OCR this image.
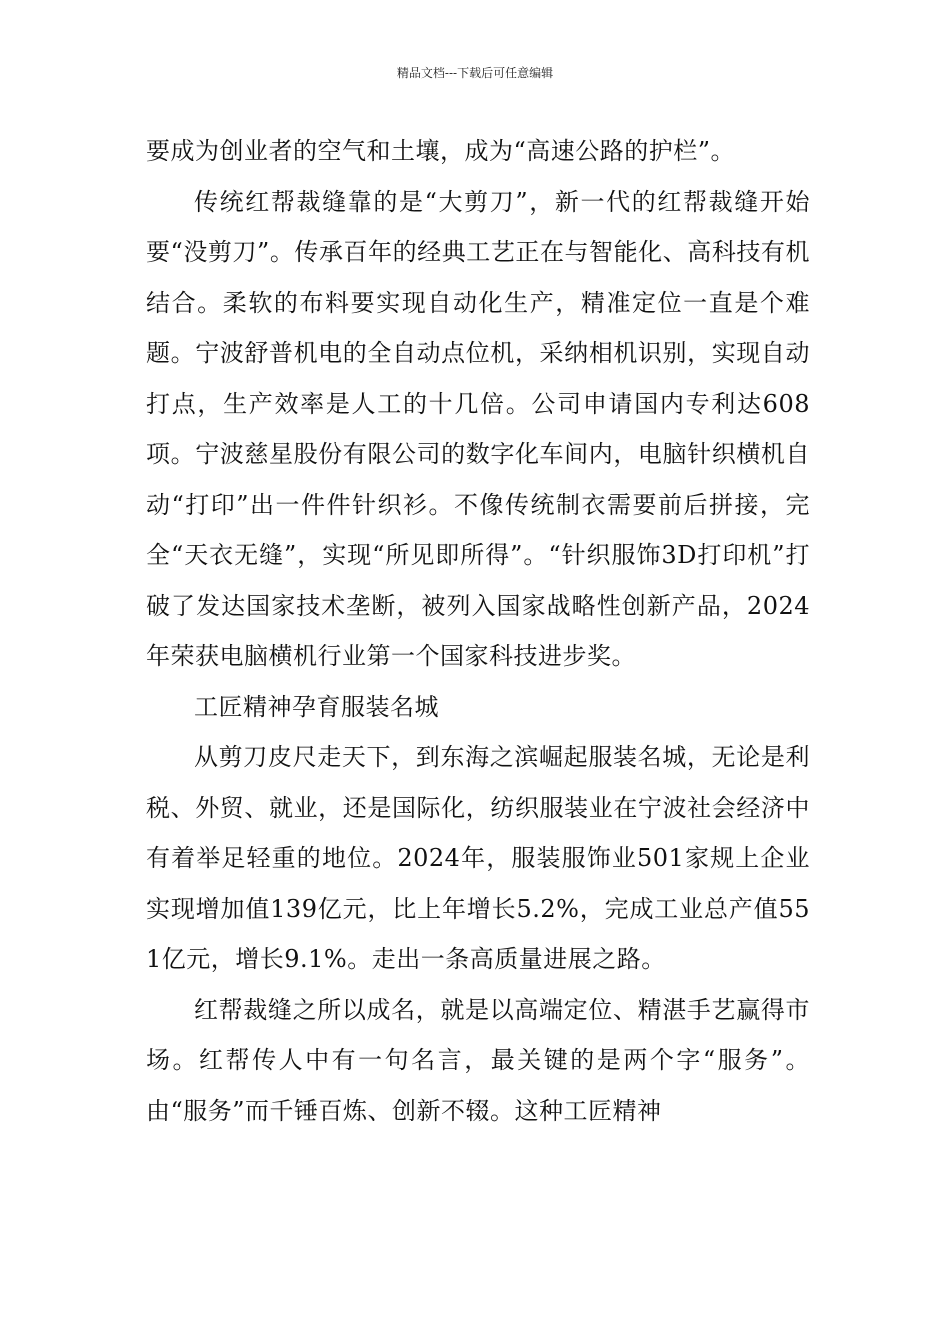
精品文档---下载后可任意编辑

要成为创业者的空气和土壤，成为“高速公路的护栏”。

传统红帮裁缝靠的是“大剪刀”，新一代的红帮裁缝开始要“没剪刀”。传承百年的经典工艺正在与智能化、高科技有机结合。柔软的布料要实现自动化生产，精准定位一直是个难题。宁波舒普机电的全自动点位机，采纳相机识别，实现自动打点，生产效率是人工的十几倍。公司申请国内专利达608项。宁波慈星股份有限公司的数字化车间内，电脑针织横机自动“打印”出一件件针织衫。不像传统制衣需要前后拼接，完全“天衣无缝”，实现“所见即所得”。“针织服饰3D打印机”打破了发达国家技术垄断，被列入国家战略性创新产品，2024年荣获电脑横机行业第一个国家科技进步奖。

工匠精神孕育服装名城

从剪刀皮尺走天下，到东海之滨崛起服装名城，无论是利税、外贸、就业，还是国际化，纺织服装业在宁波社会经济中有着举足轻重的地位。2024年，服装服饰业501家规上企业实现增加值139亿元，比上年增长5.2%，完成工业总产值551亿元，增长9.1%。走出一条高质量进展之路。

红帮裁缝之所以成名，就是以高端定位、精湛手艺赢得市场。红帮传人中有一句名言，最关键的是两个字“服务”。由“服务”而千锤百炼、创新不辍。这种工匠精神
